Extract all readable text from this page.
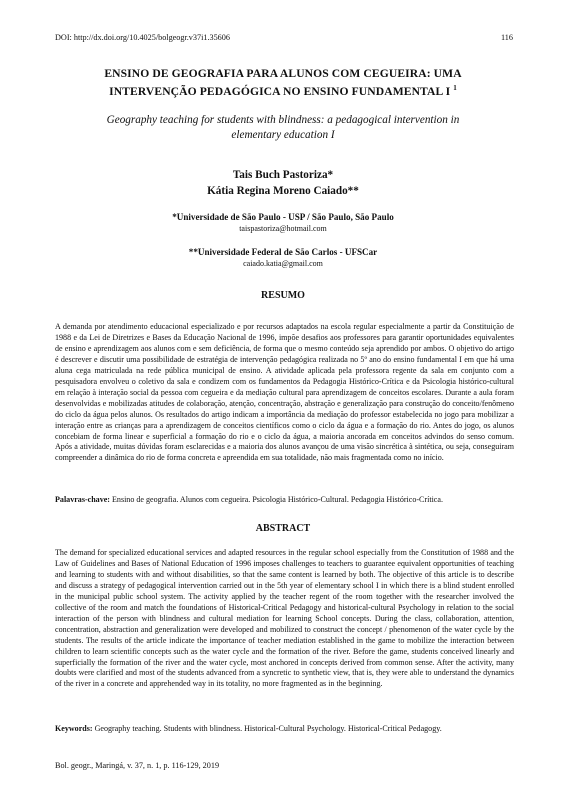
DOI: http://dx.doi.org/10.4025/bolgeogr.v37i1.35606	116
ENSINO DE GEOGRAFIA PARA ALUNOS COM CEGUEIRA: UMA
INTERVENÇÃO PEDAGÓGICA NO ENSINO FUNDAMENTAL I $^1$
Geography teaching for students with blindness: a pedagogical intervention in
elementary education I
Tais Buch Pastoriza*
Kátia Regina Moreno Caiado**
*Universidade de São Paulo - USP / São Paulo, São Paulo
taispastoriza@hotmail.com
**Universidade Federal de São Carlos - UFSCar
caiado.katia@gmail.com
RESUMO
A demanda por atendimento educacional especializado e por recursos adaptados na escola regular especialmente a partir da Constituição de 1988 e da Lei de Diretrizes e Bases da Educação Nacional de 1996, impõe desafios aos professores para garantir oportunidades equivalentes de ensino e aprendizagem aos alunos com e sem deficiência, de forma que o mesmo conteúdo seja aprendido por ambos. O objetivo do artigo é descrever e discutir uma possibilidade de estratégia de intervenção pedagógica realizada no 5º ano do ensino fundamental I em que há uma aluna cega matriculada na rede pública municipal de ensino. A atividade aplicada pela professora regente da sala em conjunto com a pesquisadora envolveu o coletivo da sala e condizem com os fundamentos da Pedagogia Histórico-Crítica e da Psicologia histórico-cultural em relação à interação social da pessoa com cegueira e da mediação cultural para aprendizagem de conceitos escolares. Durante a aula foram desenvolvidas e mobilizadas atitudes de colaboração, atenção, concentração, abstração e generalização para construção do conceito/fenômeno do ciclo da água pelos alunos. Os resultados do artigo indicam a importância da mediação do professor estabelecida no jogo para mobilizar a interação entre as crianças para a aprendizagem de conceitos científicos como o ciclo da água e a formação do rio. Antes do jogo, os alunos concebiam de forma linear e superficial a formação do rio e o ciclo da água, a maioria ancorada em conceitos advindos do senso comum. Após a atividade, muitas dúvidas foram esclarecidas e a maioria dos alunos avançou de uma visão sincrética à sintética, ou seja, conseguiram compreender a dinâmica do rio de forma concreta e apreendida em sua totalidade, não mais fragmentada como no início.
Palavras-chave: Ensino de geografia. Alunos com cegueira. Psicologia Histórico-Cultural. Pedagogia Histórico-Crítica.
ABSTRACT
The demand for specialized educational services and adapted resources in the regular school especially from the Constitution of 1988 and the Law of Guidelines and Bases of National Education of 1996 imposes challenges to teachers to guarantee equivalent opportunities of teaching and learning to students with and without disabilities, so that the same content is learned by both. The objective of this article is to describe and discuss a strategy of pedagogical intervention carried out in the 5th year of elementary school I in which there is a blind student enrolled in the municipal public school system. The activity applied by the teacher regent of the room together with the researcher involved the collective of the room and match the foundations of Historical-Critical Pedagogy and historical-cultural Psychology in relation to the social interaction of the person with blindness and cultural mediation for learning School concepts. During the class, collaboration, attention, concentration, abstraction and generalization were developed and mobilized to construct the concept / phenomenon of the water cycle by the students. The results of the article indicate the importance of teacher mediation established in the game to mobilize the interaction between children to learn scientific concepts such as the water cycle and the formation of the river. Before the game, students conceived linearly and superficially the formation of the river and the water cycle, most anchored in concepts derived from common sense. After the activity, many doubts were clarified and most of the students advanced from a syncretic to synthetic view, that is, they were able to understand the dynamics of the river in a concrete and apprehended way in its totality, no more fragmented as in the beginning.
Keywords: Geography teaching. Students with blindness. Historical-Cultural Psychology. Historical-Critical Pedagogy.
Bol. geogr., Maringá, v. 37, n. 1, p. 116-129, 2019
